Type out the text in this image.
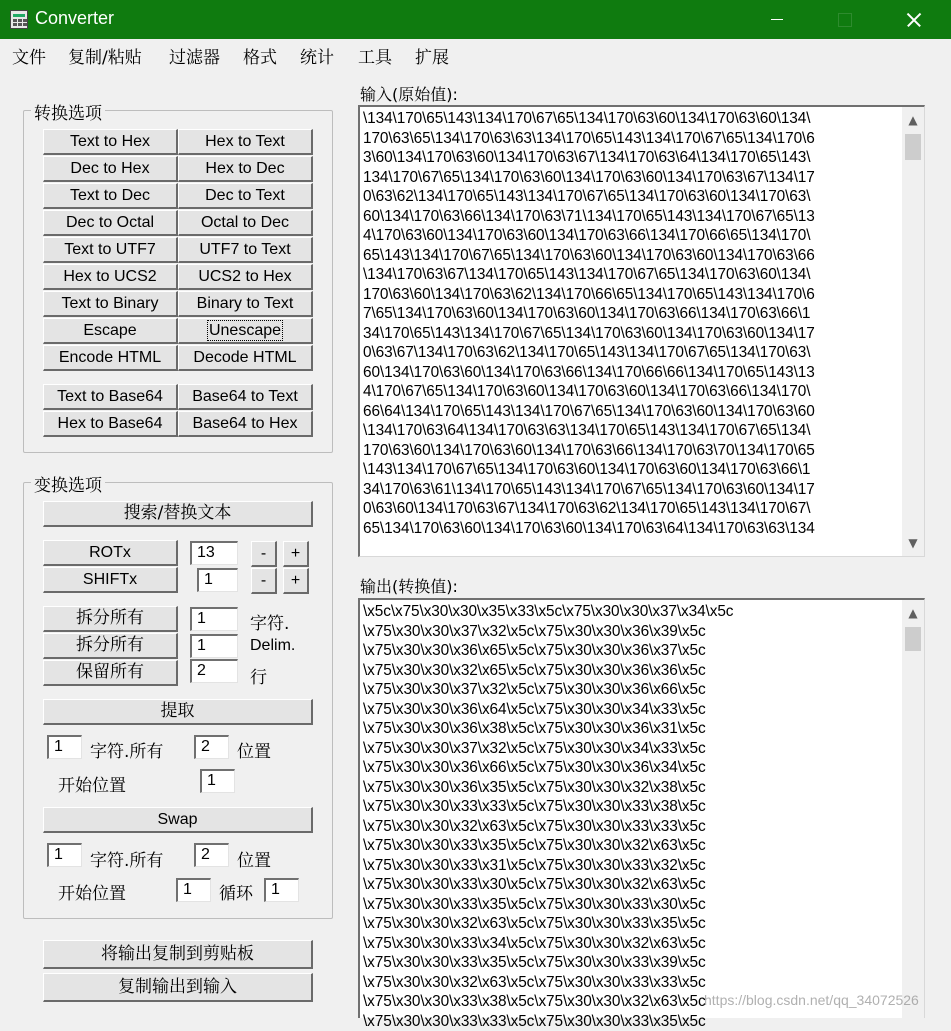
Converter
文件 复制/粘贴 过滤器 格式 统计 工具 扩展
转换选项
Text to Hex	Hex to Text
Dec to Hex	Hex to Dec
Text to Dec	Dec to Text
Dec to Octal	Octal to Dec
Text to UTF7	UTF7 to Text
Hex to UCS2	UCS2 to Hex
Text to Binary	Binary to Text
Escape	Unescape
Encode HTML	Decode HTML
Text to Base64	Base64 to Text
Hex to Base64	Base64 to Hex
变换选项
搜索/替换文本
ROTx	13	-	+
SHIFTx	1	-	+
拆分所有	1	字符.
拆分所有	1	Delim.
保留所有	2	行
提取
1	字符.所有	2	位置
开始位置	1
Swap
1	字符.所有	2	位置
开始位置	1	循环	1
将输出复制到剪贴板
复制输出到输入
输入(原始值):
\134\170\65\143\134\170\67\65\134\170\63\60\134\170\63\60\134\
170\63\65\134\170\63\63\134\170\65\143\134\170\67\65\134\170\6
3\60\134\170\63\60\134\170\63\67\134\170\63\64\134\170\65\143\
134\170\67\65\134\170\63\60\134\170\63\60\134\170\63\67\134\17
0\63\62\134\170\65\143\134\170\67\65\134\170\63\60\134\170\63\
60\134\170\63\66\134\170\63\71\134\170\65\143\134\170\67\65\13
4\170\63\60\134\170\63\60\134\170\63\66\134\170\66\65\134\170\
65\143\134\170\67\65\134\170\63\60\134\170\63\60\134\170\63\66
\134\170\63\67\134\170\65\143\134\170\67\65\134\170\63\60\134\
170\63\60\134\170\63\62\134\170\66\65\134\170\65\143\134\170\6
7\65\134\170\63\60\134\170\63\60\134\170\63\66\134\170\63\66\1
34\170\65\143\134\170\67\65\134\170\63\60\134\170\63\60\134\17
0\63\67\134\170\63\62\134\170\65\143\134\170\67\65\134\170\63\
60\134\170\63\60\134\170\63\66\134\170\66\66\134\170\65\143\13
4\170\67\65\134\170\63\60\134\170\63\60\134\170\63\66\134\170\
66\64\134\170\65\143\134\170\67\65\134\170\63\60\134\170\63\60
\134\170\63\64\134\170\63\63\134\170\65\143\134\170\67\65\134\
170\63\60\134\170\63\60\134\170\63\66\134\170\63\70\134\170\65
\143\134\170\67\65\134\170\63\60\134\170\63\60\134\170\63\66\1
34\170\63\61\134\170\65\143\134\170\67\65\134\170\63\60\134\17
0\63\60\134\170\63\67\134\170\63\62\134\170\65\143\134\170\67\
65\134\170\63\60\134\170\63\60\134\170\63\64\134\170\63\63\134
▲
▼
输出(转换值):
\x5c\x75\x30\x30\x35\x33\x5c\x75\x30\x30\x37\x34\x5c
\x75\x30\x30\x37\x32\x5c\x75\x30\x30\x36\x39\x5c
\x75\x30\x30\x36\x65\x5c\x75\x30\x30\x36\x37\x5c
\x75\x30\x30\x32\x65\x5c\x75\x30\x30\x36\x36\x5c
\x75\x30\x30\x37\x32\x5c\x75\x30\x30\x36\x66\x5c
\x75\x30\x30\x36\x64\x5c\x75\x30\x30\x34\x33\x5c
\x75\x30\x30\x36\x38\x5c\x75\x30\x30\x36\x31\x5c
\x75\x30\x30\x37\x32\x5c\x75\x30\x30\x34\x33\x5c
\x75\x30\x30\x36\x66\x5c\x75\x30\x30\x36\x34\x5c
\x75\x30\x30\x36\x35\x5c\x75\x30\x30\x32\x38\x5c
\x75\x30\x30\x33\x33\x5c\x75\x30\x30\x33\x38\x5c
\x75\x30\x30\x32\x63\x5c\x75\x30\x30\x33\x33\x5c
\x75\x30\x30\x33\x35\x5c\x75\x30\x30\x32\x63\x5c
\x75\x30\x30\x33\x31\x5c\x75\x30\x30\x33\x32\x5c
\x75\x30\x30\x33\x30\x5c\x75\x30\x30\x32\x63\x5c
\x75\x30\x30\x33\x35\x5c\x75\x30\x30\x33\x30\x5c
\x75\x30\x30\x32\x63\x5c\x75\x30\x30\x33\x35\x5c
\x75\x30\x30\x33\x34\x5c\x75\x30\x30\x32\x63\x5c
\x75\x30\x30\x33\x35\x5c\x75\x30\x30\x33\x39\x5c
\x75\x30\x30\x32\x63\x5c\x75\x30\x30\x33\x33\x5c
\x75\x30\x30\x33\x38\x5c\x75\x30\x30\x32\x63\x5c
\x75\x30\x30\x33\x33\x5c\x75\x30\x30\x33\x35\x5c
▲
https://blog.csdn.net/qq_34072526
